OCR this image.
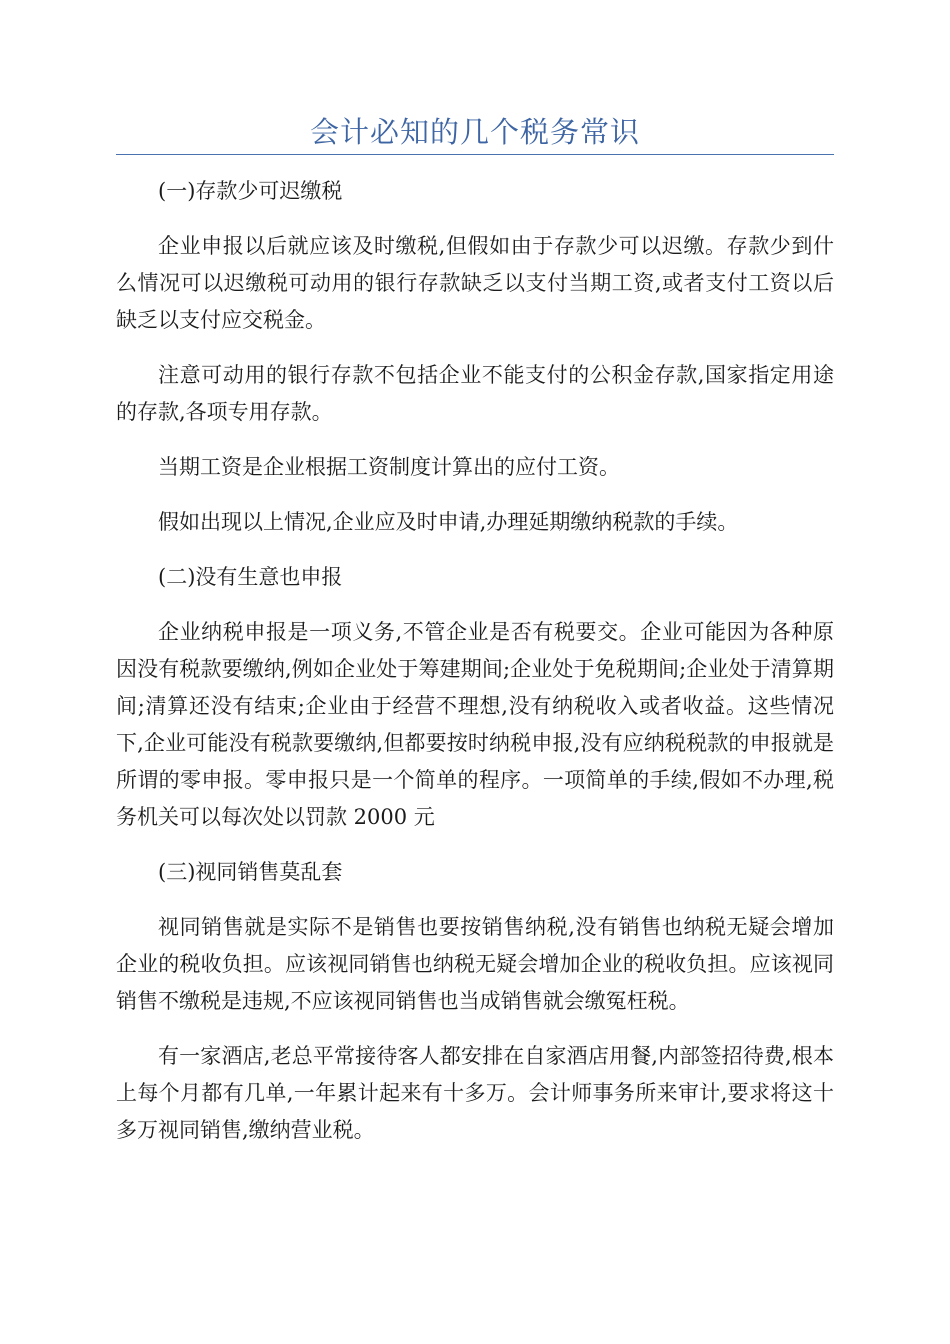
会计必知的几个税务常识

(一)存款少可迟缴税

企业申报以后就应该及时缴税,但假如由于存款少可以迟缴。存款少到什么情况可以迟缴税可动用的银行存款缺乏以支付当期工资,或者支付工资以后缺乏以支付应交税金。

注意可动用的银行存款不包括企业不能支付的公积金存款,国家指定用途的存款,各项专用存款。

当期工资是企业根据工资制度计算出的应付工资。

假如出现以上情况,企业应及时申请,办理延期缴纳税款的手续。

(二)没有生意也申报

企业纳税申报是一项义务,不管企业是否有税要交。企业可能因为各种原因没有税款要缴纳,例如企业处于筹建期间;企业处于免税期间;企业处于清算期间;清算还没有结束;企业由于经营不理想,没有纳税收入或者收益。这些情况下,企业可能没有税款要缴纳,但都要按时纳税申报,没有应纳税税款的申报就是所谓的零申报。零申报只是一个简单的程序。一项简单的手续,假如不办理,税务机关可以每次处以罚款 2000 元

(三)视同销售莫乱套

视同销售就是实际不是销售也要按销售纳税,没有销售也纳税无疑会增加企业的税收负担。应该视同销售也纳税无疑会增加企业的税收负担。应该视同销售不缴税是违规,不应该视同销售也当成销售就会缴冤枉税。

有一家酒店,老总平常接待客人都安排在自家酒店用餐,内部签招待费,根本上每个月都有几单,一年累计起来有十多万。会计师事务所来审计,要求将这十多万视同销售,缴纳营业税。
